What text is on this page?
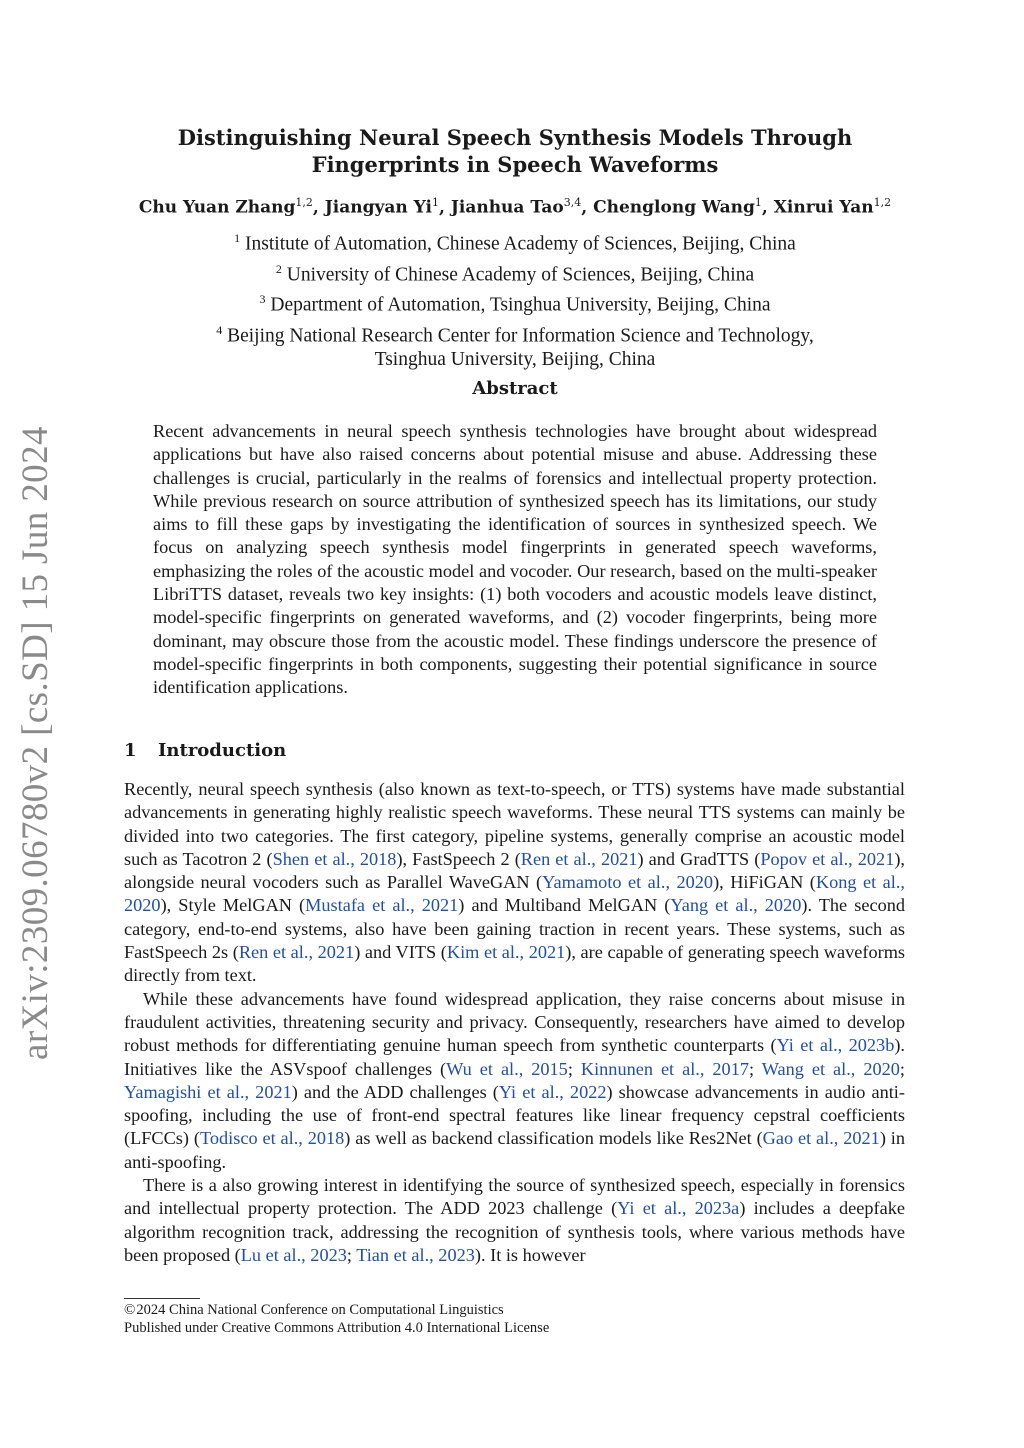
arXiv:2309.06780v2 [cs.SD] 15 Jun 2024
Distinguishing Neural Speech Synthesis Models Through
Fingerprints in Speech Waveforms
Chu Yuan Zhang$^{1,2}$, Jiangyan Yi$^1$, Jianhua Tao$^{3,4}$, Chenglong Wang$^1$, Xinrui Yan$^{1,2}$
$^1$ Institute of Automation, Chinese Academy of Sciences, Beijing, China
$^2$ University of Chinese Academy of Sciences, Beijing, China
$^3$ Department of Automation, Tsinghua University, Beijing, China
$^4$ Beijing National Research Center for Information Science and Technology,
Tsinghua University, Beijing, China
Abstract
Recent advancements in neural speech synthesis technologies have brought about widespread applications but have also raised concerns about potential misuse and abuse. Addressing these challenges is crucial, particularly in the realms of forensics and intellectual property protection. While previous research on source attribution of synthesized speech has its limitations, our study aims to fill these gaps by investigating the identification of sources in synthesized speech. We focus on analyzing speech synthesis model fingerprints in generated speech waveforms, emphasizing the roles of the acoustic model and vocoder. Our research, based on the multi-speaker LibriTTS dataset, reveals two key insights: (1) both vocoders and acoustic models leave distinct, model-specific fingerprints on generated waveforms, and (2) vocoder fingerprints, being more dominant, may obscure those from the acoustic model. These findings underscore the presence of model-specific fingerprints in both components, suggesting their potential significance in source identification applications.
1 Introduction

Recently, neural speech synthesis (also known as text-to-speech, or TTS) systems have made substantial advancements in generating highly realistic speech waveforms. These neural TTS systems can mainly be divided into two categories. The first category, pipeline systems, generally comprise an acoustic model such as Tacotron 2 (Shen et al., 2018), FastSpeech 2 (Ren et al., 2021) and GradTTS (Popov et al., 2021), alongside neural vocoders such as Parallel WaveGAN (Yamamoto et al., 2020), HiFiGAN (Kong et al., 2020), Style MelGAN (Mustafa et al., 2021) and Multiband MelGAN (Yang et al., 2020). The second category, end-to-end systems, also have been gaining traction in recent years. These systems, such as FastSpeech 2s (Ren et al., 2021) and VITS (Kim et al., 2021), are capable of generating speech waveforms directly from text.

While these advancements have found widespread application, they raise concerns about misuse in fraudulent activities, threatening security and privacy. Consequently, researchers have aimed to develop robust methods for differentiating genuine human speech from synthetic counterparts (Yi et al., 2023b). Initiatives like the ASVspoof challenges (Wu et al., 2015; Kinnunen et al., 2017; Wang et al., 2020; Yamagishi et al., 2021) and the ADD challenges (Yi et al., 2022) showcase advancements in audio anti-spoofing, including the use of front-end spectral features like linear frequency cepstral coefficients (LFCCs) (Todisco et al., 2018) as well as backend classification models like Res2Net (Gao et al., 2021) in anti-spoofing.

There is a also growing interest in identifying the source of synthesized speech, especially in forensics and intellectual property protection. The ADD 2023 challenge (Yi et al., 2023a) includes a deepfake algorithm recognition track, addressing the recognition of synthesis tools, where various methods have been proposed (Lu et al., 2023; Tian et al., 2023). It is however

©2024 China National Conference on Computational Linguistics
Published under Creative Commons Attribution 4.0 International License
